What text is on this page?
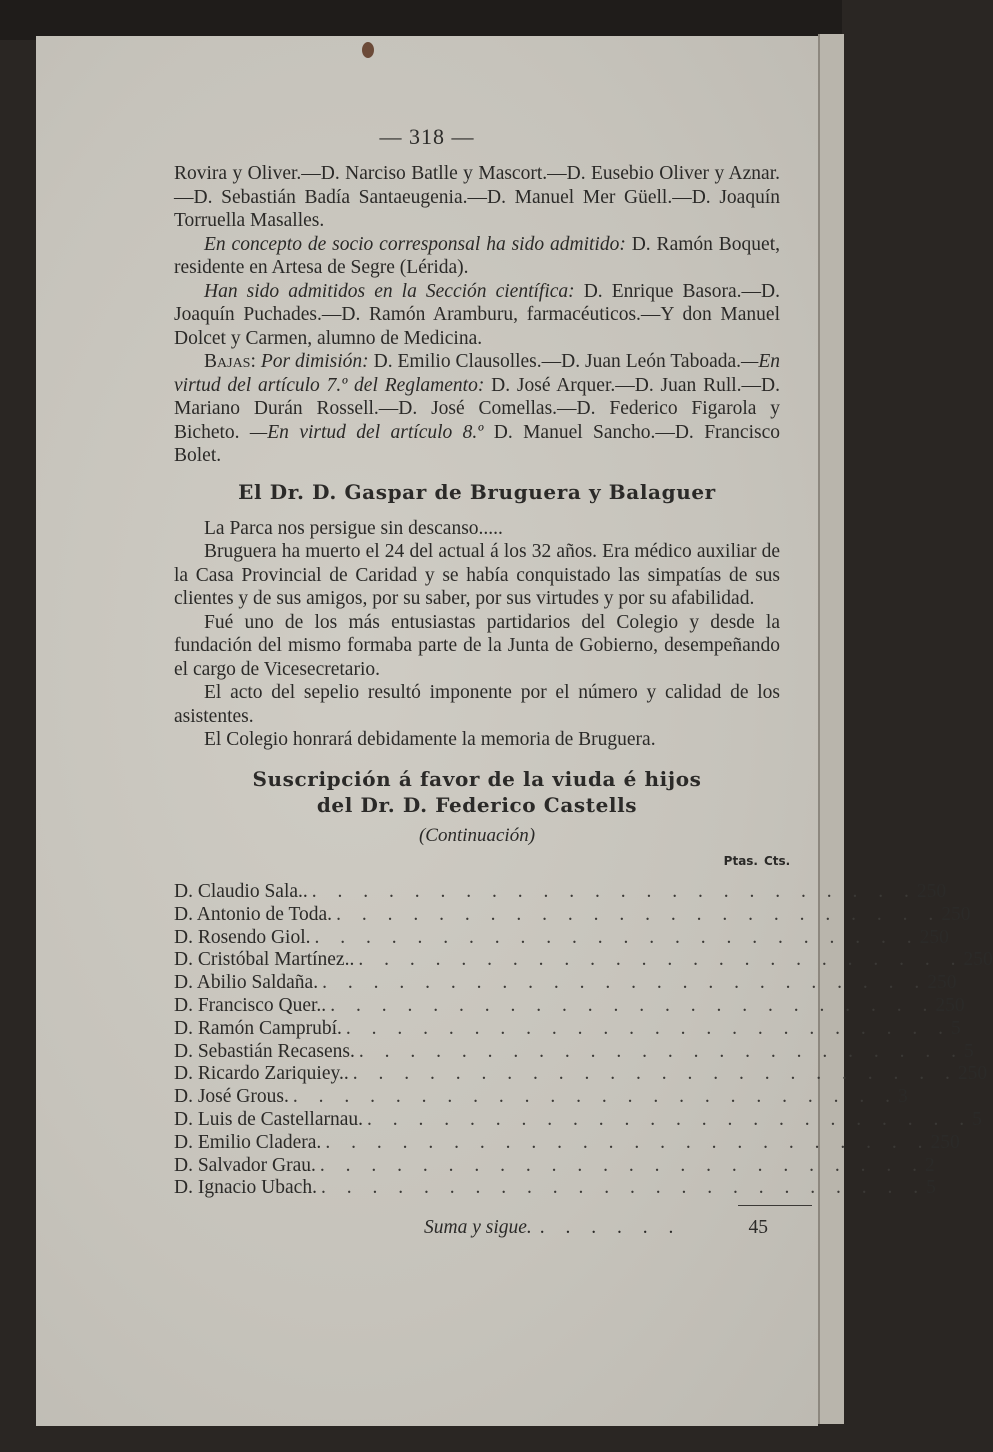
— 318 —

Rovira y Oliver.—D. Narciso Batlle y Mascort.—D. Eusebio Oliver y Aznar.—D. Sebastián Badía Santaeugenia.—D. Manuel Mer Güell.—D. Joaquín Torruella Masalles.

En concepto de socio corresponsal ha sido admitido: D. Ramón Boquet, residente en Artesa de Segre (Lérida).

Han sido admitidos en la Sección científica: D. Enrique Basora.—D. Joaquín Puchades.—D. Ramón Aramburu, farmacéuticos.—Y don Manuel Dolcet y Carmen, alumno de Medicina.

Bajas: Por dimisión: D. Emilio Clausolles.—D. Juan León Taboada.—En virtud del artículo 7.º del Reglamento: D. José Arquer.—D. Juan Rull.—D. Mariano Durán Rossell.—D. José Comellas.—D. Federico Figarola y Bicheto. —En virtud del artículo 8.º D. Manuel Sancho.—D. Francisco Bolet.

El Dr. D. Gaspar de Bruguera y Balaguer

La Parca nos persigue sin descanso.....

Bruguera ha muerto el 24 del actual á los 32 años. Era médico auxiliar de la Casa Provincial de Caridad y se había conquistado las simpatías de sus clientes y de sus amigos, por su saber, por sus virtudes y por su afabilidad.

Fué uno de los más entusiastas partidarios del Colegio y desde la fundación del mismo formaba parte de la Junta de Gobierno, desempeñando el cargo de Vicesecretario.

El acto del sepelio resultó imponente por el número y calidad de los asistentes.

El Colegio honrará debidamente la memoria de Bruguera.

Suscripción á favor de la viuda é hijos
del Dr. D. Federico Castells
(Continuación)
Ptas. Cts.
D. Claudio Sala.. . . . . . . . . . . . . . . . . . . . . . . . . 2 50
D. Antonio de Toda. . . . . . . . . . . . . . . . . . . . . . . . . 2 50
D. Rosendo Giol. . . . . . . . . . . . . . . . . . . . . . . . . 2 50
D. Cristóbal Martínez.. . . . . . . . . . . . . . . . . . . . . . . . . 2 50
D. Abilio Saldaña. . . . . . . . . . . . . . . . . . . . . . . . . 2 50
D. Francisco Quer.. . . . . . . . . . . . . . . . . . . . . . . . . 2 50
D. Ramón Camprubí. . . . . . . . . . . . . . . . . . . . . . . . . 5
D. Sebastián Recasens. . . . . . . . . . . . . . . . . . . . . . . . . 5
D. Ricardo Zariquiey.. . . . . . . . . . . . . . . . . . . . . . . . . 2 50
D. José Grous. . . . . . . . . . . . . . . . . . . . . . . . . 3
D. Luis de Castellarnau. . . . . . . . . . . . . . . . . . . . . . . . . 5
D. Emilio Cladera. . . . . . . . . . . . . . . . . . . . . . . . . 2 50
D. Salvador Grau. . . . . . . . . . . . . . . . . . . . . . . . . 2
D. Ignacio Ubach. . . . . . . . . . . . . . . . . . . . . . . . . 5
Suma y sigue. . . . . . .	45
